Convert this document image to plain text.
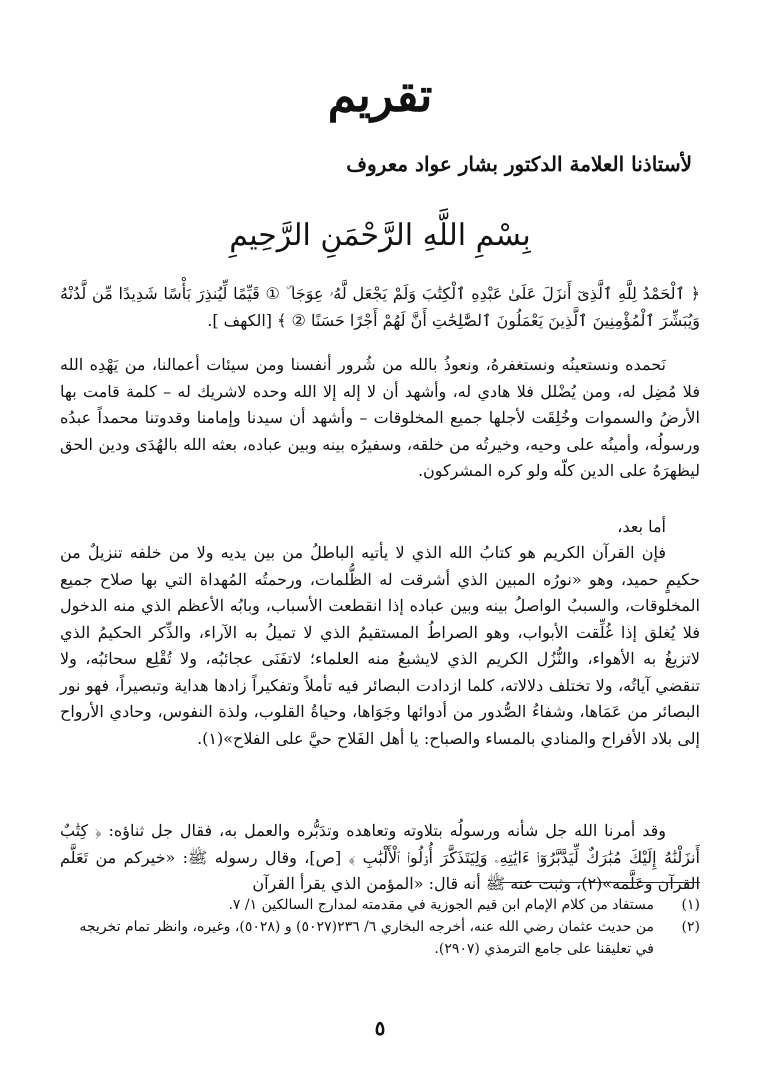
تقريم
لأستاذنا العلامة الدكتور بشار عواد معروف
بِسْمِ اللَّهِ الرَّحْمَنِ الرَّحِيمِ
﴿ ٱلْحَمْدُ لِلَّهِ ٱلَّذِىٓ أَنزَلَ عَلَىٰ عَبْدِهِ ٱلْكِتَٰبَ وَلَمْ يَجْعَل لَّهُۥ عِوَجَا ۜ ① قَيِّمًا لِّيُنذِرَ بَأْسًا شَدِيدًا مِّن لَّدُنْهُ وَيُبَشِّرَ ٱلْمُؤْمِنِينَ ٱلَّذِينَ يَعْمَلُونَ ٱلصَّٰلِحَٰتِ أَنَّ لَهُمْ أَجْرًا حَسَنًا ② ﴾ [الكهف ].

نَحمده ونستعينُه ونستغفرهُ، ونعوذُ بالله من شُرور أنفسنا ومن سيئات أعمالنا، من يَهْدِه الله فلا مُضِل له، ومن يُضْلل فلا هادي له، وأشهد أن لا إله إلا الله وحده لاشريك له – كلمة قامت بها الأرضُ والسموات وخُلِقَت لأجلها جميع المخلوقات – وأشهد أن سيدنا وإمامنا وقدوتنا محمداً عبدُه ورسولُه، وأمينُه على وحيه، وخيرتُه من خلقه، وسفيرُه بينه وبين عباده، بعثه الله بالهُدَى ودين الحق ليظهرَهُ على الدين كلّه ولو كره المشركون.

أما بعد،

فإن القرآن الكريم هو كتابُ الله الذي لا يأتيه الباطلُ من بين يديه ولا من خلفه تنزيلٌ من حكيمٍ حميد، وهو «نورُه المبين الذي أشرقت له الظُّلمات، ورحمتُه المُهداة التي بها صلاح جميع المخلوقات، والسببُ الواصلُ بينه وبين عباده إذا انقطعت الأسباب، وبابُه الأعظم الذي منه الدخول فلا يُغلق إذا غُلِّقت الأبواب، وهو الصراطُ المستقيمُ الذي لا تميلُ به الآراء، والذِّكر الحكيمُ الذي لاتزيغُ به الأهواء، والنُّزُل الكريم الذي لايشبعُ منه العلماء؛ لاتفَنَى عجائبُه، ولا تُقْلِع سحائبُه، ولا تنقضي آياتُه، ولا تختلف دلالاته، كلما ازدادت البصائر فيه تأملاً وتفكيراً زادها هداية وتبصيراً، فهو نور البصائر من عَمَاها، وشفاءُ الصُّدور من أدوائها وجَوَاها، وحياةُ القلوب، ولذة النفوس، وحادي الأرواح إلى بلاد الأفراح والمنادي بالمساء والصباح: يا أهل الفَلاح حيَّ على الفلاح»(١).

وقد أمرنا الله جل شأنه ورسولُه بتلاوته وتعاهده وتدَبُّره والعمل به، فقال جل ثناؤه: ﴿ كِتَٰبٌ أَنزَلْنَٰهُ إِلَيْكَ مُبَٰرَكٌ لِّيَدَّبَّرُوٓا۟ ءَايَٰتِهِۦ وَلِيَتَذَكَّرَ أُو۟لُوا۟ ٱلْأَلْبَٰبِ ﴾ [ص]، وقال رسوله ﷺ: «خيركم من تَعَلَّم القرآن وعَلَّمه»(٢)، وثبت عنه ﷺ أنه قال: «المؤمن الذي يقرأ القرآن

(١)
مستفاد من كلام الإمام ابن قيم الجوزية في مقدمته لمدارج السالكين ١/ ٧.
(٢)
من حديث عثمان رضي الله عنه، أخرجه البخاري ٦/ ٢٣٦(٥٠٢٧) و (٥٠٢٨)، وغيره، وانظر تمام تخريجه في تعليقنا على جامع الترمذي (٢٩٠٧).
٥
